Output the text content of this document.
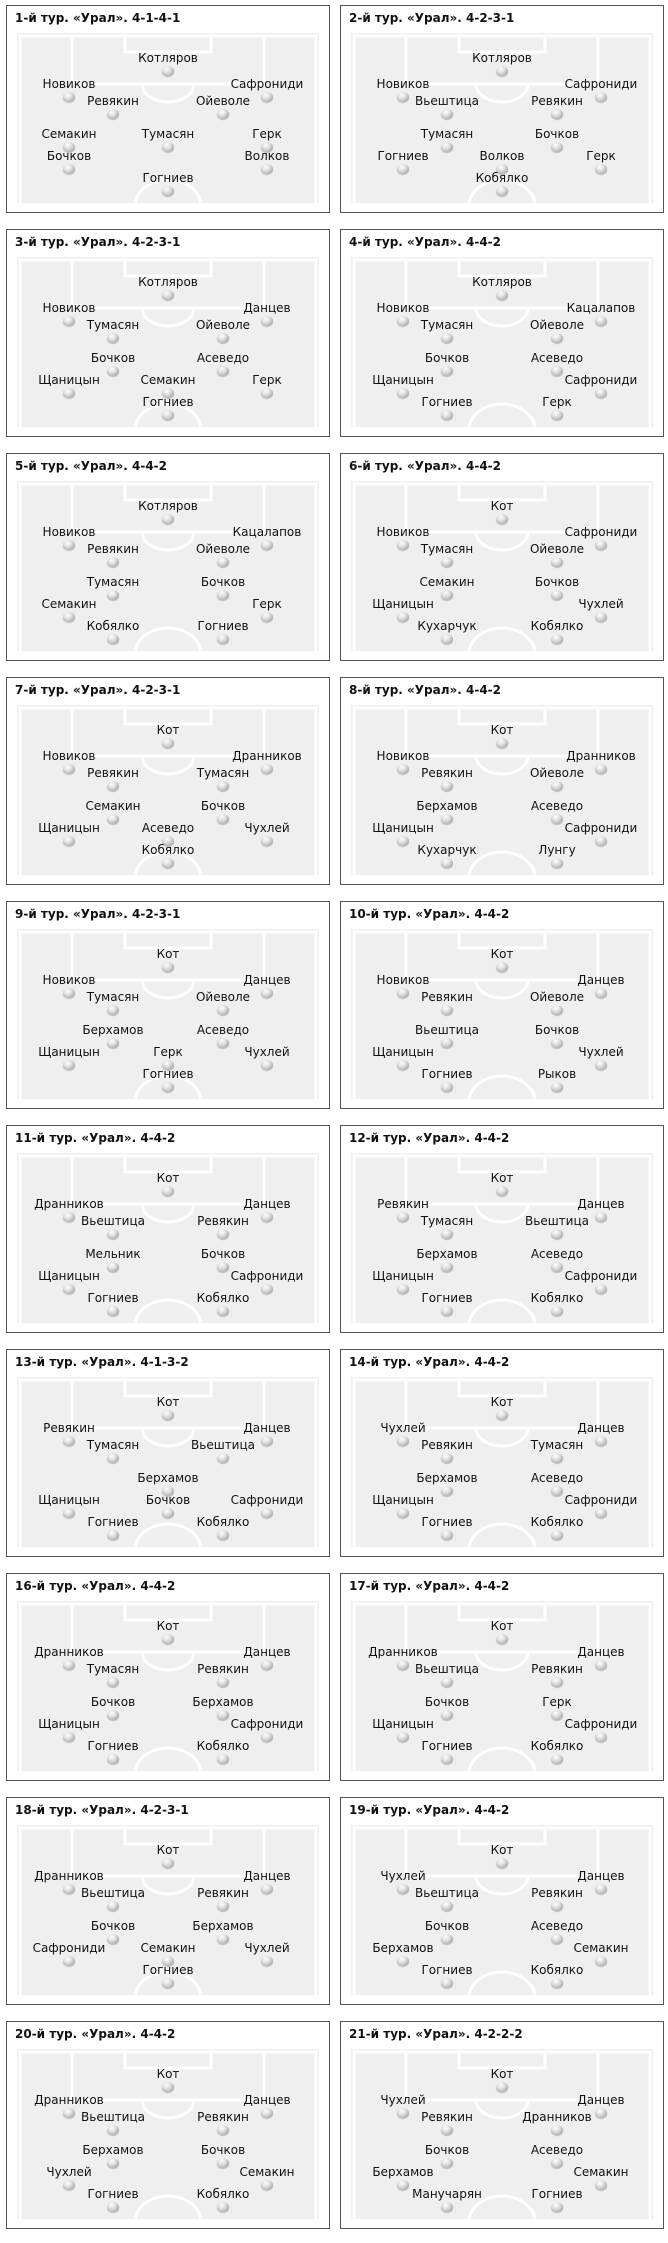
1-й тур. «Урал». 4-1-4-1
Котляров
Новиков	Сафрониди
Ревякин	Ойеволе
Семакин	Тумасян	Герк
Бочков	Волков
Гогниев
2-й тур. «Урал». 4-2-3-1
Котляров
Новиков	Сафрониди
Вьештица	Ревякин
Тумасян	Бочков
Гогниев	Волков	Герк
Кобялко
3-й тур. «Урал». 4-2-3-1
Котляров
Новиков	Данцев
Тумасян	Ойеволе
Бочков	Асеведо
Щаницын	Семакин	Герк
Гогниев
4-й тур. «Урал». 4-4-2
Котляров
Новиков	Кацалапов
Тумасян	Ойеволе
Бочков	Асеведо
Щаницын	Сафрониди
Гогниев	Герк
5-й тур. «Урал». 4-4-2
Котляров
Новиков	Кацалапов
Ревякин	Ойеволе
Тумасян	Бочков
Семакин	Герк
Кобялко	Гогниев
6-й тур. «Урал». 4-4-2
Кот
Новиков	Сафрониди
Тумасян	Ойеволе
Семакин	Бочков
Щаницын	Чухлей
Кухарчук	Кобялко
7-й тур. «Урал». 4-2-3-1
Кот
Новиков	Дранников
Ревякин	Тумасян
Семакин	Бочков
Щаницын	Асеведо	Чухлей
Кобялко
8-й тур. «Урал». 4-4-2
Кот
Новиков	Дранников
Ревякин	Ойеволе
Берхамов	Асеведо
Щаницын	Сафрониди
Кухарчук	Лунгу
9-й тур. «Урал». 4-2-3-1
Кот
Новиков	Данцев
Тумасян	Ойеволе
Берхамов	Асеведо
Щаницын	Герк	Чухлей
Гогниев
10-й тур. «Урал». 4-4-2
Кот
Новиков	Данцев
Ревякин	Ойеволе
Вьештица	Бочков
Щаницын	Чухлей
Гогниев	Рыков
11-й тур. «Урал». 4-4-2
Кот
Дранников	Данцев
Вьештица	Ревякин
Мельник	Бочков
Щаницын	Сафрониди
Гогниев	Кобялко
12-й тур. «Урал». 4-4-2
Кот
Ревякин	Данцев
Тумасян	Вьештица
Берхамов	Асеведо
Щаницын	Сафрониди
Гогниев	Кобялко
13-й тур. «Урал». 4-1-3-2
Кот
Ревякин	Данцев
Тумасян	Вьештица
Берхамов
Щаницын	Бочков	Сафрониди
Гогниев	Кобялко
14-й тур. «Урал». 4-4-2
Кот
Чухлей	Данцев
Ревякин	Тумасян
Берхамов	Асеведо
Щаницын	Сафрониди
Гогниев	Кобялко
16-й тур. «Урал». 4-4-2
Кот
Дранников	Данцев
Тумасян	Ревякин
Бочков	Берхамов
Щаницын	Сафрониди
Гогниев	Кобялко
17-й тур. «Урал». 4-4-2
Кот
Дранников	Данцев
Вьештица	Ревякин
Бочков	Герк
Щаницын	Сафрониди
Гогниев	Кобялко
18-й тур. «Урал». 4-2-3-1
Кот
Дранников	Данцев
Вьештица	Ревякин
Бочков	Берхамов
Сафрониди	Семакин	Чухлей
Гогниев
19-й тур. «Урал». 4-4-2
Кот
Чухлей	Данцев
Вьештица	Ревякин
Бочков	Асеведо
Берхамов	Семакин
Гогниев	Кобялко
20-й тур. «Урал». 4-4-2
Кот
Дранников	Данцев
Вьештица	Ревякин
Берхамов	Бочков
Чухлей	Семакин
Гогниев	Кобялко
21-й тур. «Урал». 4-2-2-2
Кот
Чухлей	Данцев
Ревякин	Дранников
Бочков	Асеведо
Берхамов	Семакин
Манучарян	Гогниев
